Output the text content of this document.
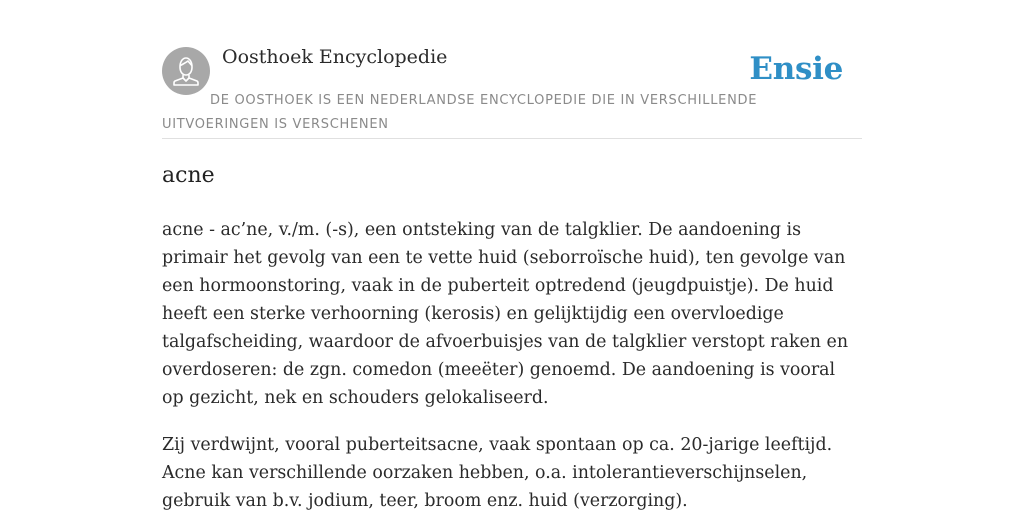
Oosthoek Encyclopedie	Ensie
DE OOSTHOEK IS EEN NEDERLANDSE ENCYCLOPEDIE DIE IN VERSCHILLENDE UITVOERINGEN IS VERSCHENEN
acne

acne - ac’ne, v./m. (-s), een ontsteking van de talgklier. De aandoening is primair het gevolg van een te vette huid (seborroïsche huid), ten gevolge van een hormoonstoring, vaak in de puberteit optredend (jeugdpuistje). De huid heeft een sterke verhoorning (kerosis) en gelijktijdig een overvloedige talgafscheiding, waardoor de afvoerbuisjes van de talgklier verstopt raken en overdoseren: de zgn. comedon (meeëter) genoemd. De aandoening is vooral op gezicht, nek en schouders gelokaliseerd.

Zij verdwijnt, vooral puberteitsacne, vaak spontaan op ca. 20-jarige leeftijd. Acne kan verschillende oorzaken hebben, o.a. intolerantieverschijnselen, gebruik van b.v. jodium, teer, broom enz. huid (verzorging).
